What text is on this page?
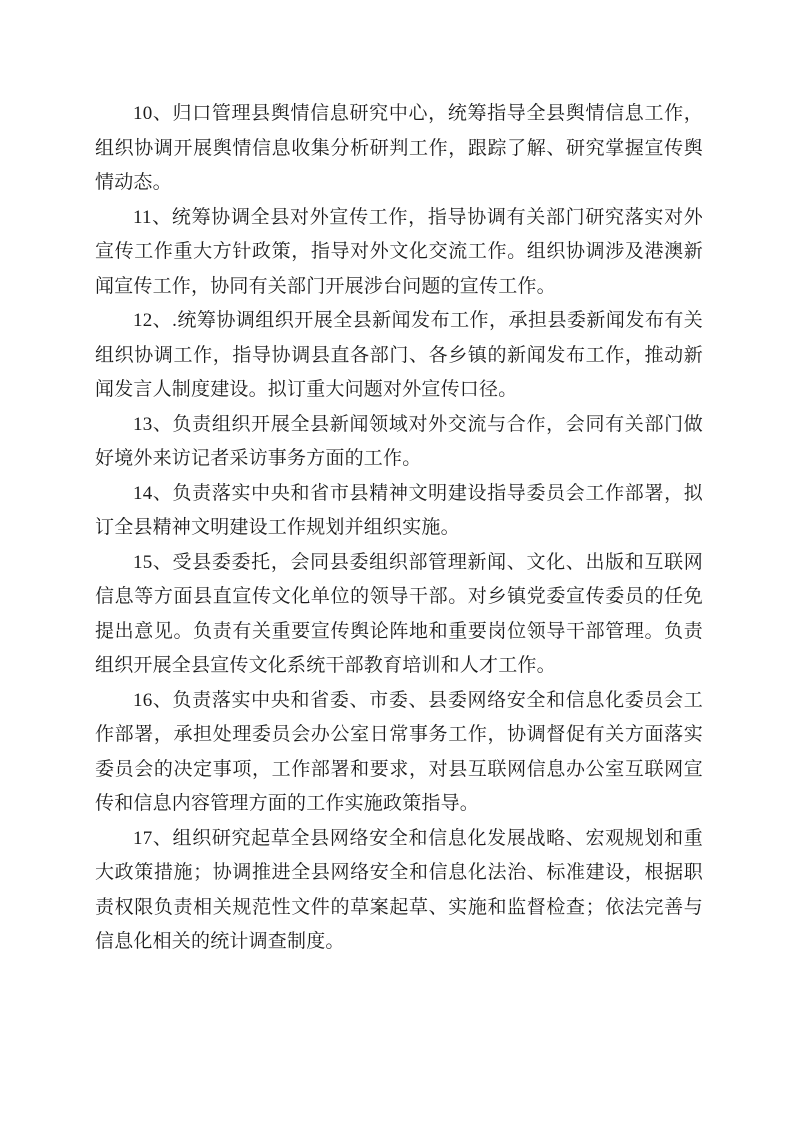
10、归口管理县舆情信息研究中心，统筹指导全县舆情信息工作，组织协调开展舆情信息收集分析研判工作，跟踪了解、研究掌握宣传舆情动态。

11、统筹协调全县对外宣传工作，指导协调有关部门研究落实对外宣传工作重大方针政策，指导对外文化交流工作。组织协调涉及港澳新闻宣传工作，协同有关部门开展涉台问题的宣传工作。

12、.统筹协调组织开展全县新闻发布工作，承担县委新闻发布有关组织协调工作，指导协调县直各部门、各乡镇的新闻发布工作，推动新闻发言人制度建设。拟订重大问题对外宣传口径。

13、负责组织开展全县新闻领域对外交流与合作，会同有关部门做好境外来访记者采访事务方面的工作。

14、负责落实中央和省市县精神文明建设指导委员会工作部署，拟订全县精神文明建设工作规划并组织实施。

15、受县委委托，会同县委组织部管理新闻、文化、出版和互联网信息等方面县直宣传文化单位的领导干部。对乡镇党委宣传委员的任免提出意见。负责有关重要宣传舆论阵地和重要岗位领导干部管理。负责组织开展全县宣传文化系统干部教育培训和人才工作。

16、负责落实中央和省委、市委、县委网络安全和信息化委员会工作部署，承担处理委员会办公室日常事务工作，协调督促有关方面落实委员会的决定事项，工作部署和要求，对县互联网信息办公室互联网宣传和信息内容管理方面的工作实施政策指导。

17、组织研究起草全县网络安全和信息化发展战略、宏观规划和重大政策措施；协调推进全县网络安全和信息化法治、标准建设，根据职责权限负责相关规范性文件的草案起草、实施和监督检查；依法完善与信息化相关的统计调查制度。
